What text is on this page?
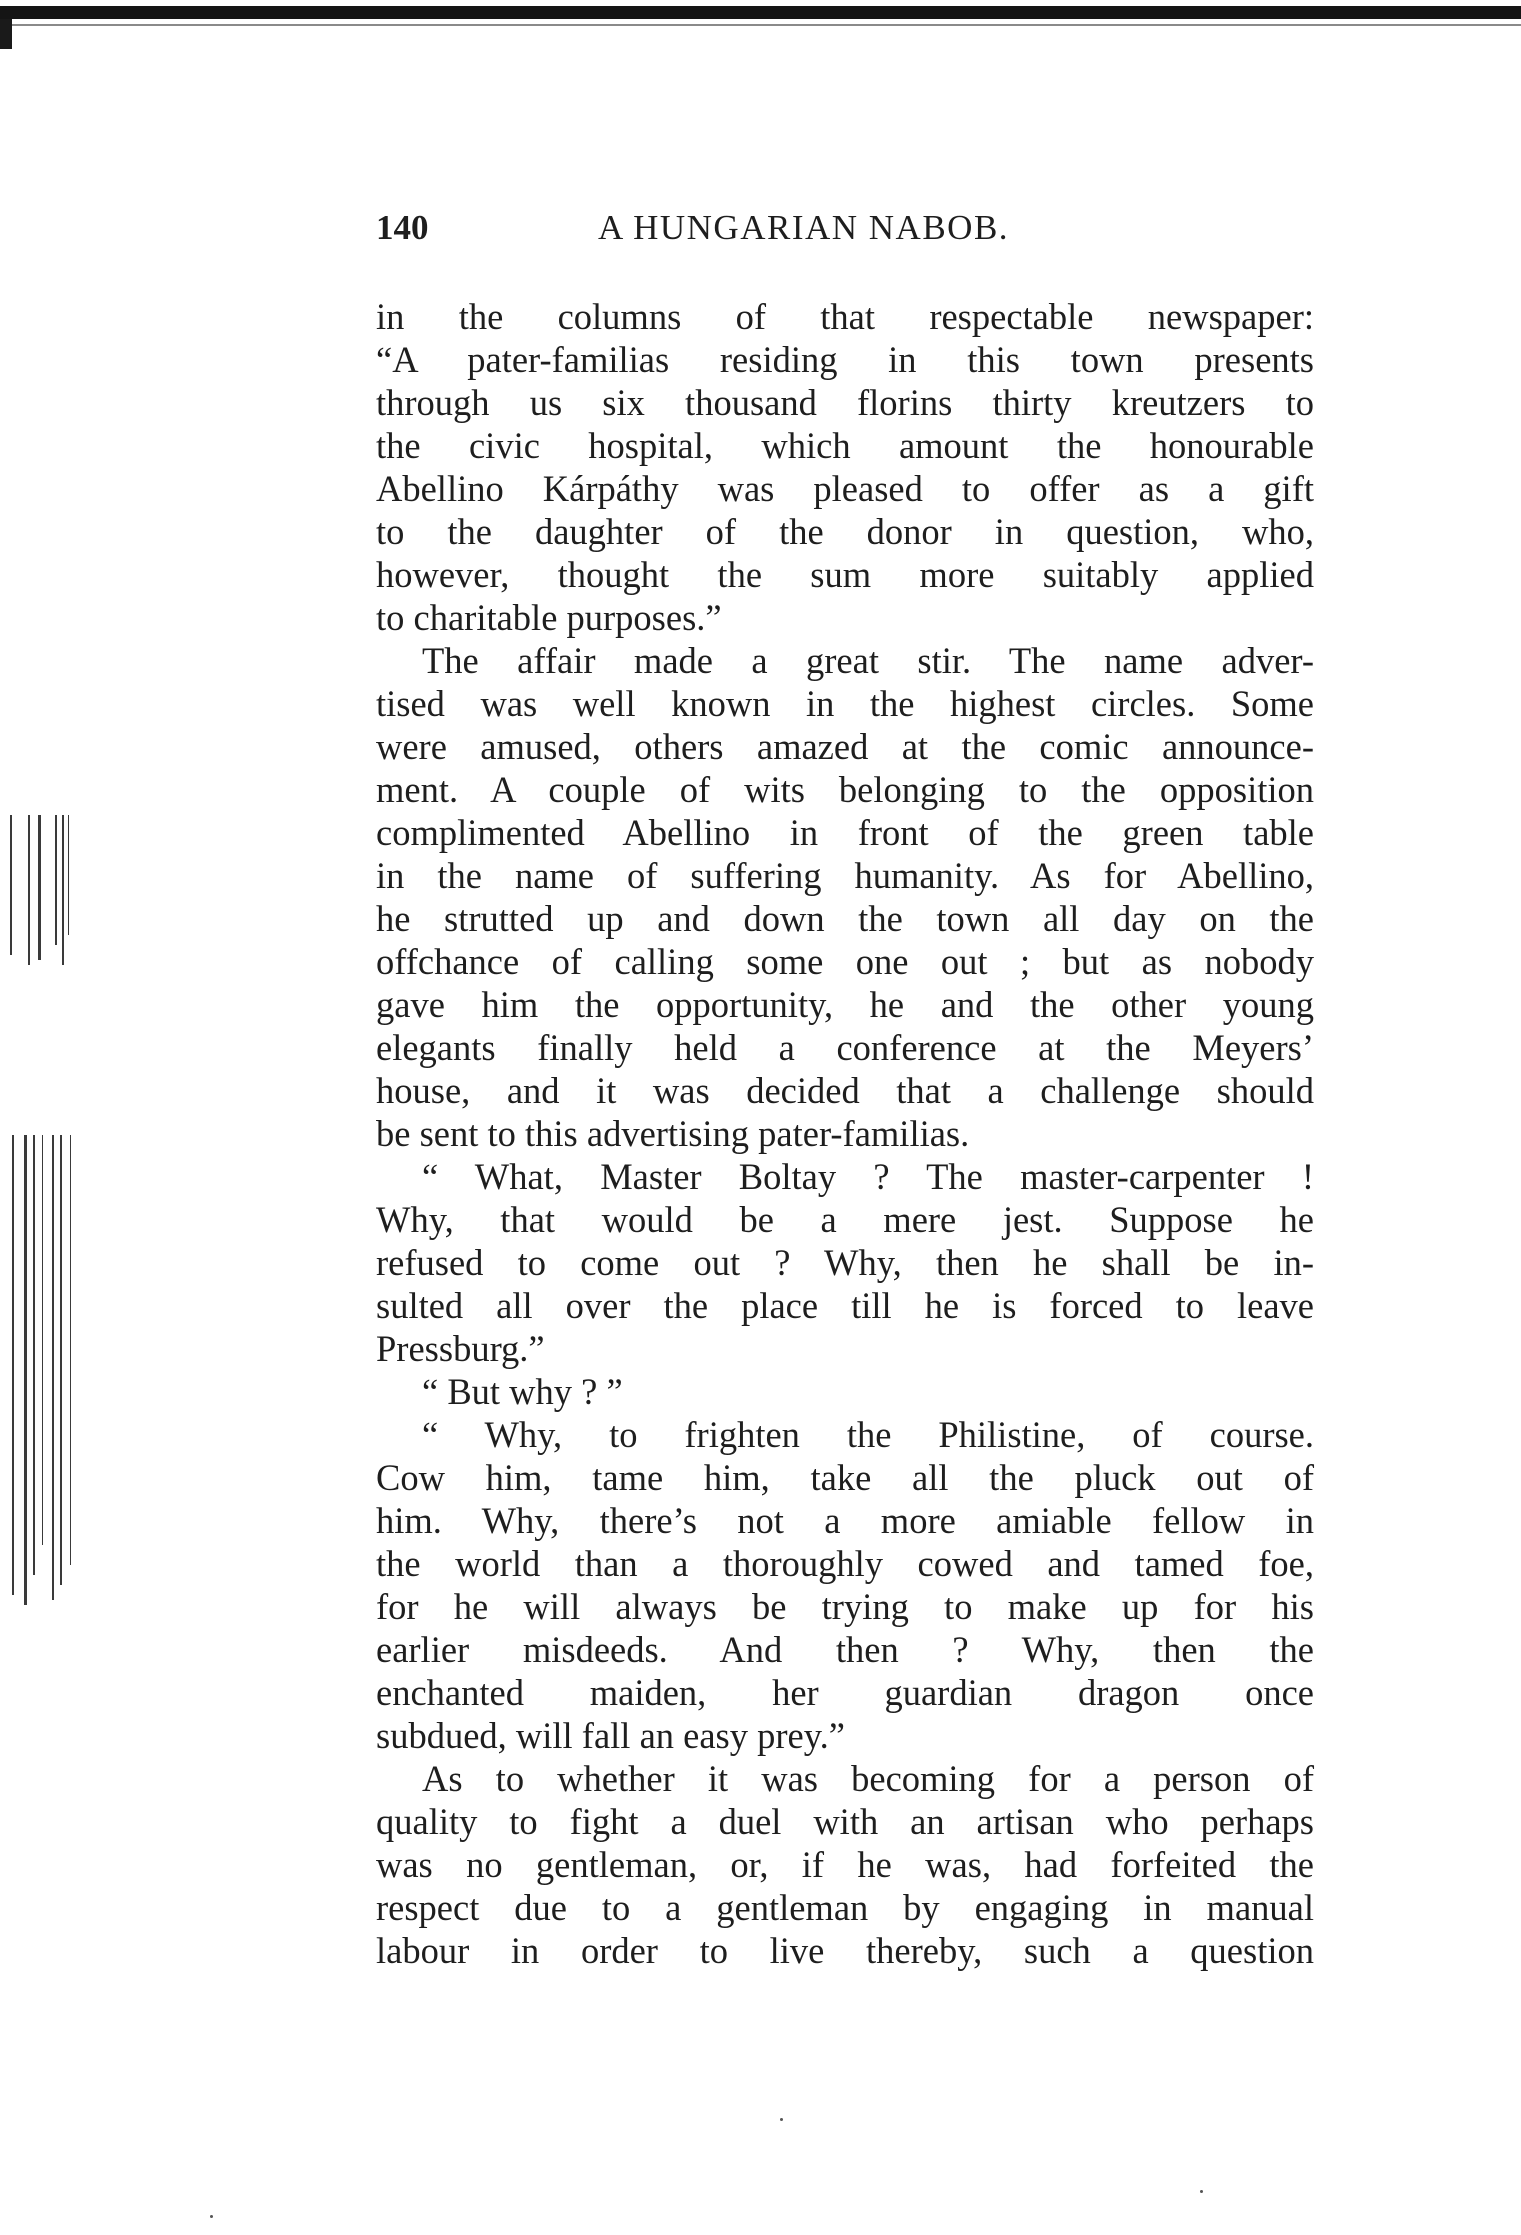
140	A HUNGARIAN NABOB.
in the columns of that respectable newspaper:
“A pater-familias residing in this town presents
through us six thousand florins thirty kreutzers to
the civic hospital, which amount the honourable
Abellino Kárpáthy was pleased to offer as a gift
to the daughter of the donor in question, who,
however, thought the sum more suitably applied
to charitable purposes.”
The affair made a great stir. The name adver-
tised was well known in the highest circles. Some
were amused, others amazed at the comic announce-
ment. A couple of wits belonging to the opposition
complimented Abellino in front of the green table
in the name of suffering humanity. As for Abellino,
he strutted up and down the town all day on the
offchance of calling some one out ; but as nobody
gave him the opportunity, he and the other young
elegants finally held a conference at the Meyers’
house, and it was decided that a challenge should
be sent to this advertising pater-familias.
“ What, Master Boltay ? The master-carpenter !
Why, that would be a mere jest. Suppose he
refused to come out ? Why, then he shall be in-
sulted all over the place till he is forced to leave
Pressburg.”
“ But why ? ”
“ Why, to frighten the Philistine, of course.
Cow him, tame him, take all the pluck out of
him. Why, there’s not a more amiable fellow in
the world than a thoroughly cowed and tamed foe,
for he will always be trying to make up for his
earlier misdeeds. And then ? Why, then the
enchanted maiden, her guardian dragon once
subdued, will fall an easy prey.”
As to whether it was becoming for a person of
quality to fight a duel with an artisan who perhaps
was no gentleman, or, if he was, had forfeited the
respect due to a gentleman by engaging in manual
labour in order to live thereby, such a question
